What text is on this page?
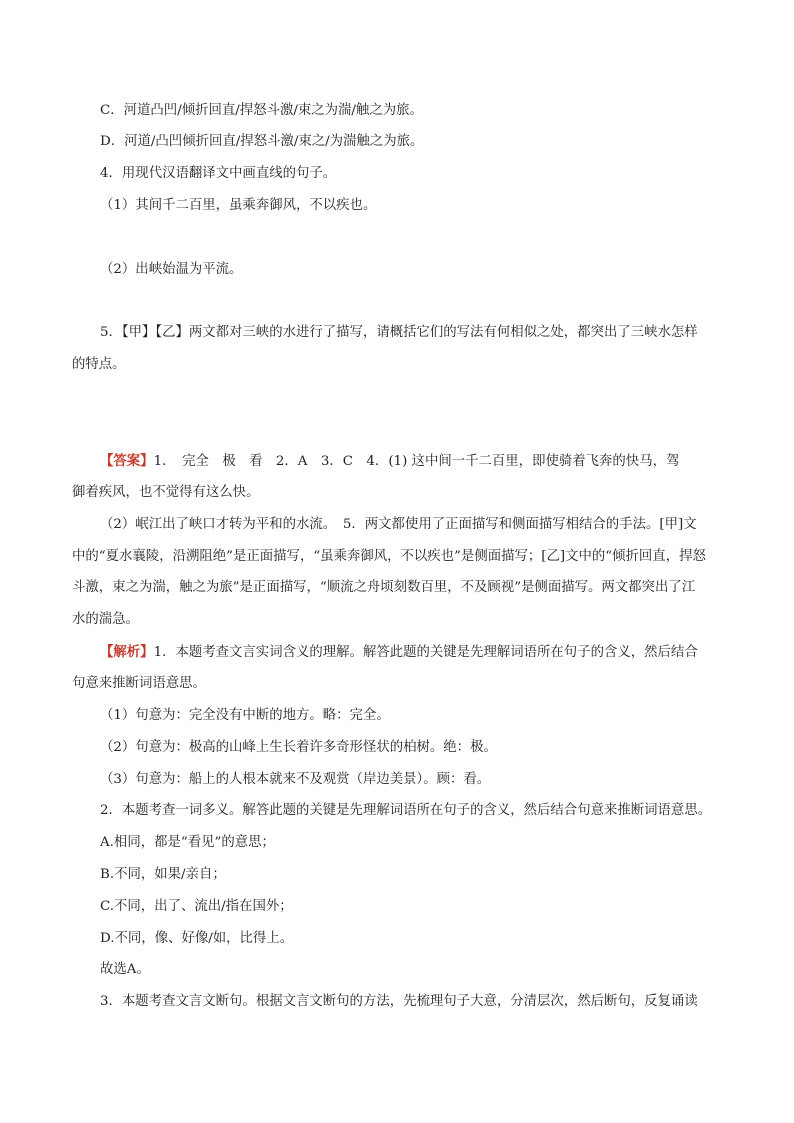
C．河道凸凹/倾折回直/捍怒斗激/束之为湍/触之为旅。
D．河道/凸凹倾折回直/捍怒斗激/束之/为湍触之为旅。
4．用现代汉语翻译文中画直线的句子。
（1）其间千二百里，虽乘奔御风，不以疾也。
（2）出峡始温为平流。
5．【甲】【乙】两文都对三峡的水进行了描写，请概括它们的写法有何相似之处，都突出了三峡水怎样
的特点。
【答案】1．　完全　极　看　2．A　3．C　4．(1) 这中间一千二百里，即使骑着飞奔的快马，驾
御着疾风，也不觉得有这么快。
（2）岷江出了峡口才转为平和的水流。　5．两文都使用了正面描写和侧面描写相结合的手法。[甲]文
中的“夏水襄陵，沿溯阻绝”是正面描写，“虽乘奔御风，不以疾也”是侧面描写；[乙]文中的“倾折回直，捍怒
斗激，束之为湍，触之为旅”是正面描写，“顺流之舟顷刻数百里，不及顾视”是侧面描写。两文都突出了江
水的湍急。
【解析】1．本题考查文言实词含义的理解。解答此题的关键是先理解词语所在句子的含义，然后结合
句意来推断词语意思。
（1）句意为：完全没有中断的地方。略：完全。
（2）句意为：极高的山峰上生长着许多奇形怪状的柏树。绝：极。
（3）句意为：船上的人根本就来不及观赏（岸边美景）。顾：看。
2．本题考查一词多义。解答此题的关键是先理解词语所在句子的含义，然后结合句意来推断词语意思。
A.相同，都是“看见”的意思；
B.不同，如果/亲自；
C.不同，出了、流出/指在国外；
D.不同，像、好像/如，比得上。
故选A。
3．本题考查文言文断句。根据文言文断句的方法，先梳理句子大意，分清层次，然后断句，反复诵读
